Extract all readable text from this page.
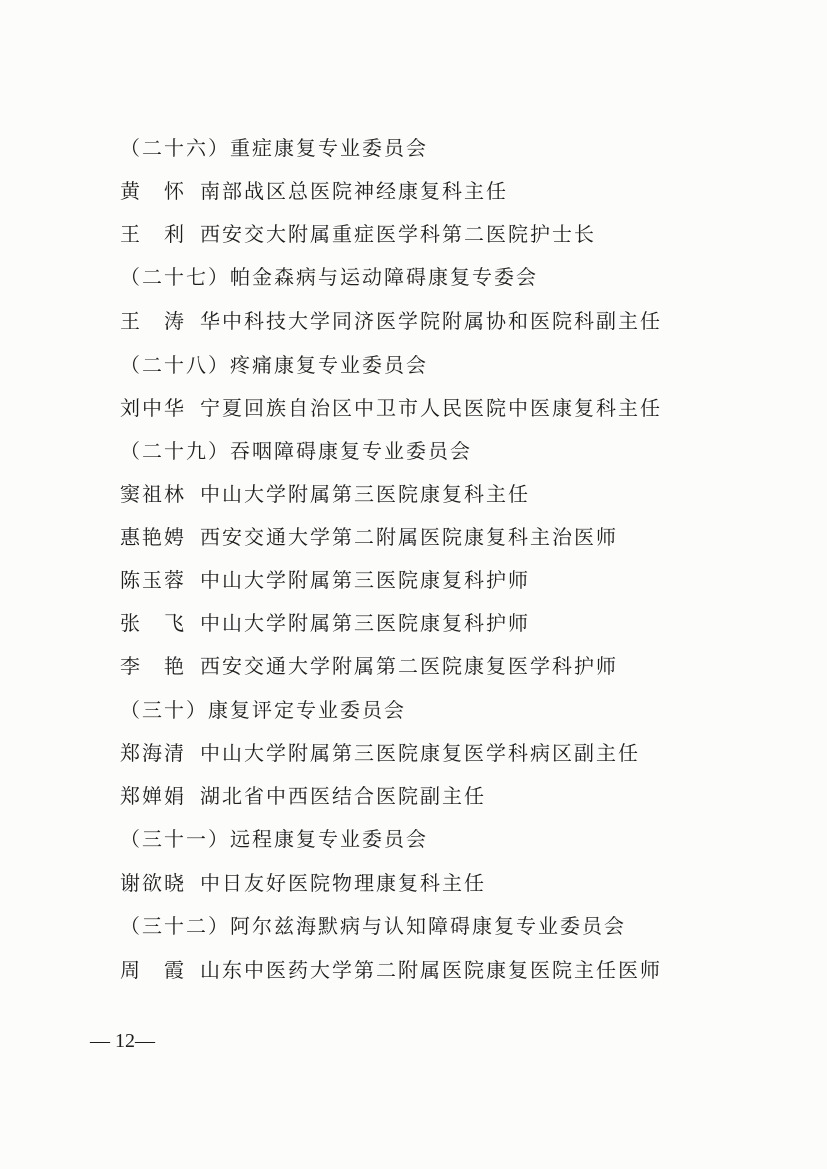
（二十六）重症康复专业委员会
黄　怀 南部战区总医院神经康复科主任
王　利 西安交大附属重症医学科第二医院护士长
（二十七）帕金森病与运动障碍康复专委会
王　涛 华中科技大学同济医学院附属协和医院科副主任
（二十八）疼痛康复专业委员会
刘中华 宁夏回族自治区中卫市人民医院中医康复科主任
（二十九）吞咽障碍康复专业委员会
窦祖林 中山大学附属第三医院康复科主任
惠艳娉 西安交通大学第二附属医院康复科主治医师
陈玉蓉 中山大学附属第三医院康复科护师
张　飞 中山大学附属第三医院康复科护师
李　艳 西安交通大学附属第二医院康复医学科护师
（三十）康复评定专业委员会
郑海清 中山大学附属第三医院康复医学科病区副主任
郑婵娟 湖北省中西医结合医院副主任
（三十一）远程康复专业委员会
谢欲晓 中日友好医院物理康复科主任
（三十二）阿尔兹海默病与认知障碍康复专业委员会
周　霞 山东中医药大学第二附属医院康复医院主任医师
— 12—
